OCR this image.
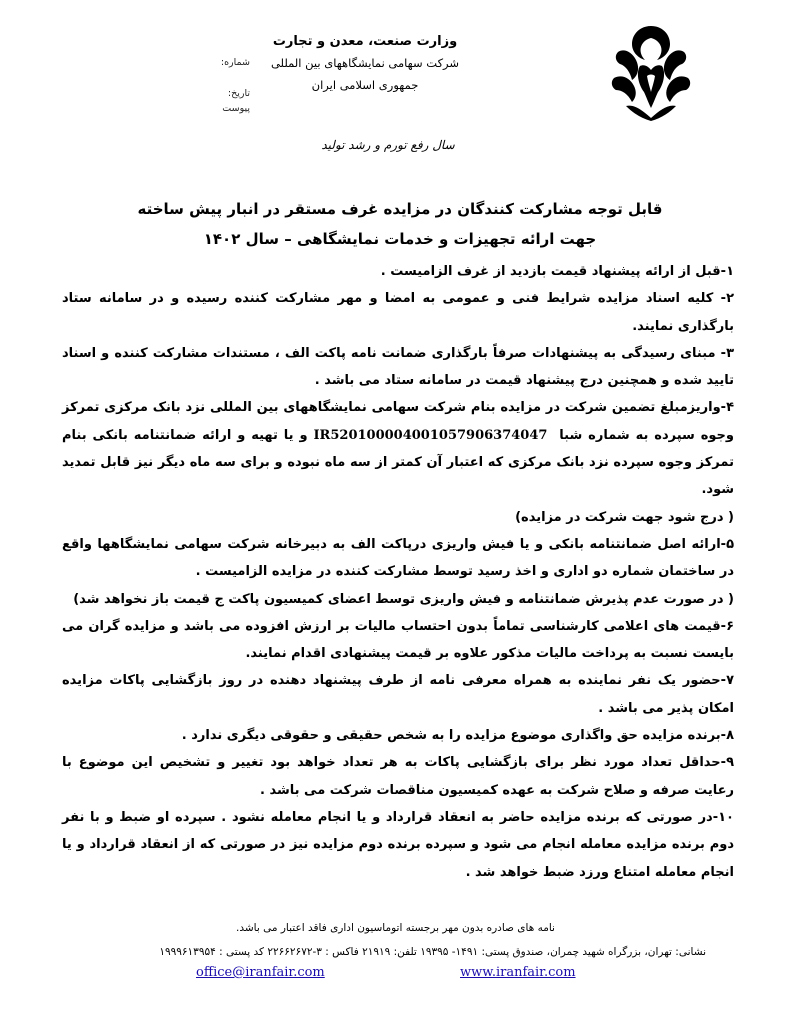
وزارت صنعت، معدن و تجارت
شرکت سهامی نمایشگاههای بین المللی
جمهوری اسلامی ایران
شماره:
تاریخ:
پیوست
سال رفع تورم و رشد تولید
قابل توجه مشارکت کنندگان در مزایده غرف مستقر در انبار پیش ساخته
جهت ارائه تجهیزات و خدمات نمایشگاهی – سال ۱۴۰۲

۱-قبل از ارائه پیشنهاد قیمت بازدید از غرف الزامیست .

۲- کلیه اسناد مزایده شرایط فنی و عمومی به امضا و مهر مشارکت کننده رسیده و در سامانه ستاد بارگذاری نمایند.

۳- مبنای رسیدگی به پیشنهادات صرفاً بارگذاری ضمانت نامه پاکت الف ، مستندات مشارکت کننده و اسناد تایید شده و همچنین درج پیشنهاد قیمت در سامانه ستاد می باشد .

۴-واریزمبلغ تضمین شرکت در مزایده بنام شرکت سهامی نمایشگاههای بین المللی نزد بانک مرکزی تمرکز وجوه سپرده به شماره شبا  IR520100004001057906374047 و یا تهیه و ارائه ضمانتنامه بانکی بنام تمرکز وجوه سپرده نزد بانک مرکزی که اعتبار آن کمتر از سه ماه نبوده و برای سه ماه دیگر نیز قابل تمدید شود.

( درج شود جهت شرکت در مزایده)

۵-ارائه اصل ضمانتنامه بانکی و یا فیش واریزی درپاکت الف به دبیرخانه شرکت سهامی نمایشگاهها واقع در ساختمان شماره دو اداری و اخذ رسید توسط مشارکت کننده در مزایده الزامیست .

( در صورت عدم پذیرش ضمانتنامه و فیش واریزی توسط اعضای کمیسیون پاکت ج قیمت باز نخواهد شد)

۶-قیمت های اعلامی کارشناسی تماماً بدون احتساب مالیات بر ارزش افزوده می باشد و مزایده گران می بایست نسبت به پرداخت مالیات مذکور علاوه بر قیمت پیشنهادی اقدام نمایند.

۷-حضور یک نفر نماینده به همراه معرفی نامه از طرف پیشنهاد دهنده در روز بازگشایی پاکات مزایده امکان پذیر می باشد .

۸-برنده مزایده حق واگذاری موضوع مزایده را به شخص حقیقی و حقوقی دیگری ندارد .

۹-حداقل تعداد مورد نظر برای بازگشایی پاکات به هر تعداد خواهد بود تغییر و تشخیص این موضوع با رعایت صرفه و صلاح شرکت به عهده کمیسیون مناقصات شرکت می باشد .

۱۰-در صورتی که برنده مزایده حاضر به انعقاد قرارداد و یا انجام معامله نشود . سپرده او ضبط و با نفر دوم برنده مزایده معامله انجام می شود و سپرده برنده دوم مزایده نیز در صورتی که از انعقاد قرارداد و یا انجام معامله امتناع ورزد ضبط خواهد شد .

نامه های صادره بدون مهر برجسته اتوماسیون اداری فاقد اعتبار می باشد.
نشانی: تهران، بزرگراه شهید چمران، صندوق پستی: ۱۴۹۱- ۱۹۳۹۵ تلفن: ۲۱۹۱۹ فاکس : ۳-۲۲۶۶۲۶۷۲ کد پستی : ۱۹۹۹۶۱۳۹۵۴
office@iranfair.com	www.iranfair.com
